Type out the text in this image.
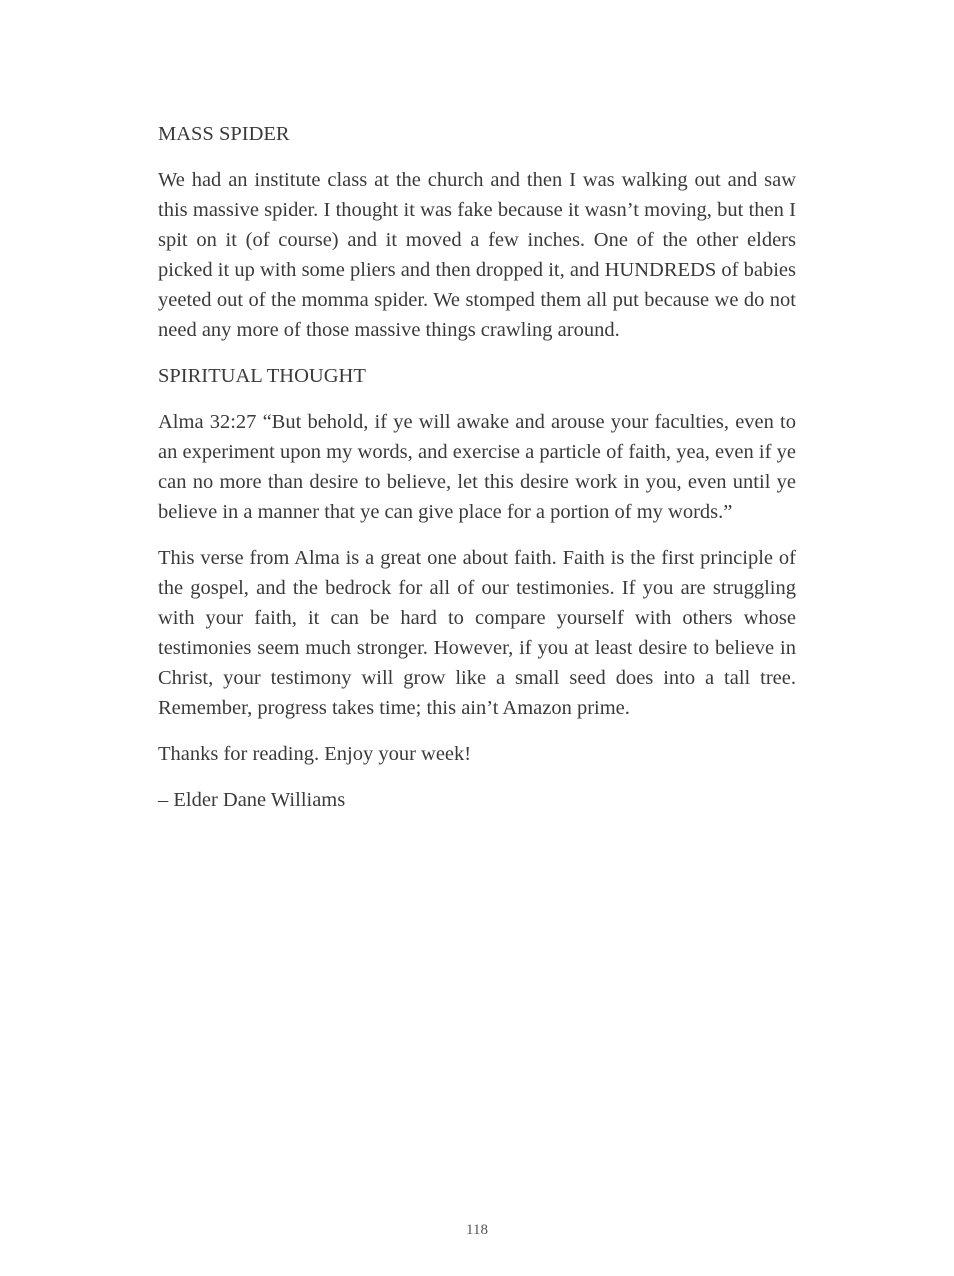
MASS SPIDER

We had an institute class at the church and then I was walking out and saw this massive spider. I thought it was fake because it wasn’t moving, but then I spit on it (of course) and it moved a few inches. One of the other elders picked it up with some pliers and then dropped it, and HUNDREDS of babies yeeted out of the momma spider. We stomped them all put because we do not need any more of those massive things crawling around.

SPIRITUAL THOUGHT

Alma 32:27 “But behold, if ye will awake and arouse your faculties, even to an experiment upon my words, and exercise a particle of faith, yea, even if ye can no more than desire to believe, let this desire work in you, even until ye believe in a manner that ye can give place for a portion of my words.”

This verse from Alma is a great one about faith. Faith is the first principle of the gospel, and the bedrock for all of our testimonies. If you are struggling with your faith, it can be hard to compare yourself with others whose testimonies seem much stronger. However, if you at least desire to believe in Christ, your testimony will grow like a small seed does into a tall tree. Remember, progress takes time; this ain’t Amazon prime.

Thanks for reading. Enjoy your week!

– Elder Dane Williams

118
